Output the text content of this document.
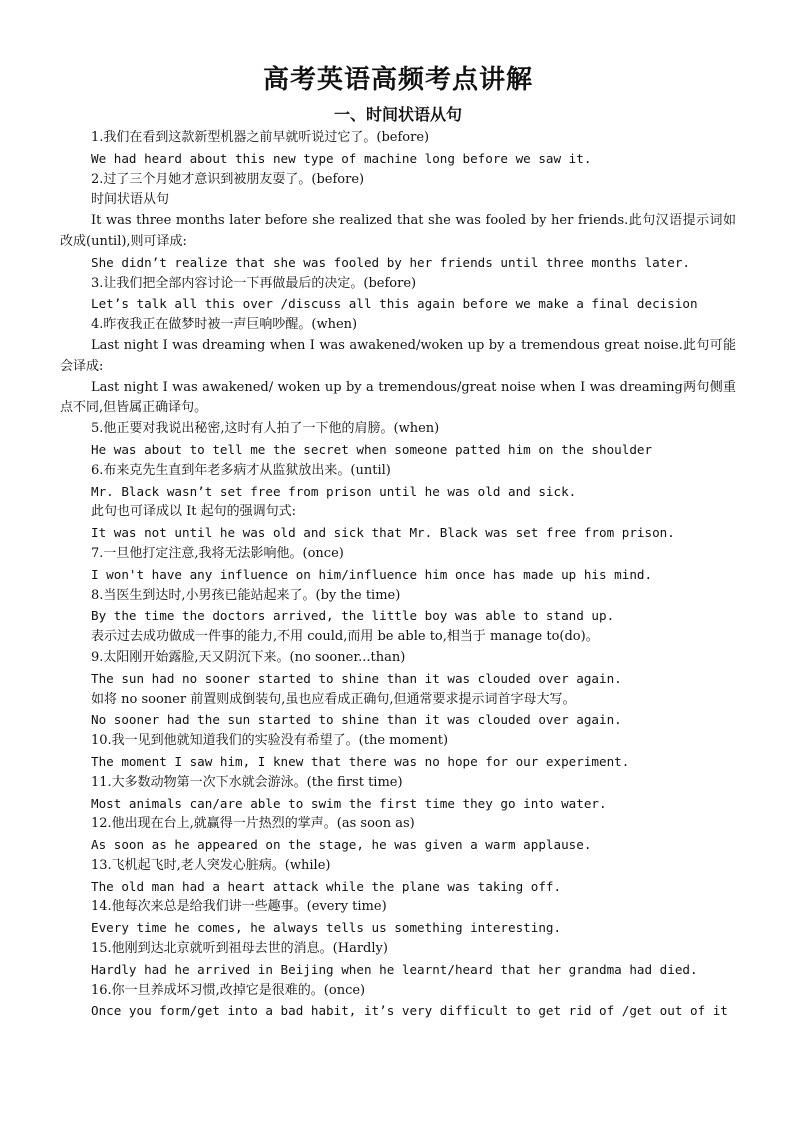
高考英语高频考点讲解
一、时间状语从句

1.我们在看到这款新型机器之前早就听说过它了。(before)

We had heard about this new type of machine long before we saw it.

2.过了三个月她才意识到被朋友耍了。(before)

时间状语从句

It was three months later before she realized that she was fooled by her friends.此句汉语提示词如改成(until),则可译成:

She didn’t realize that she was fooled by her friends until three months later.

3.让我们把全部内容讨论一下再做最后的决定。(before)

Let’s talk all this over /discuss all this again before we make a final decision

4.昨夜我正在做梦时被一声巨响吵醒。(when)

Last night I was dreaming when I was awakened/woken up by a tremendous great noise.此句可能会译成:

Last night I was awakened/ woken up by a tremendous/great noise when I was dreaming两句侧重点不同,但皆属正确译句。

5.他正要对我说出秘密,这时有人拍了一下他的肩膀。(when)

He was about to tell me the secret when someone patted him on the shoulder

6.布来克先生直到年老多病才从监狱放出来。(until)

Mr. Black wasn’t set free from prison until he was old and sick.

此句也可译成以 It 起句的强调句式:

It was not until he was old and sick that Mr. Black was set free from prison.

7.一旦他打定注意,我将无法影响他。(once)

I won't have any influence on him/influence him once has made up his mind.

8.当医生到达时,小男孩已能站起来了。(by the time)

By the time the doctors arrived, the little boy was able to stand up.

表示过去成功做成一件事的能力,不用 could,而用 be able to,相当于 manage to(do)。

9.太阳刚开始露脸,天又阴沉下来。(no sooner...than)

The sun had no sooner started to shine than it was clouded over again.

如将 no sooner 前置则成倒装句,虽也应看成正确句,但通常要求提示词首字母大写。

No sooner had the sun started to shine than it was clouded over again.

10.我一见到他就知道我们的实验没有希望了。(the moment)

The moment I saw him, I knew that there was no hope for our experiment.

11.大多数动物第一次下水就会游泳。(the first time)

Most animals can/are able to swim the first time they go into water.

12.他出现在台上,就赢得一片热烈的掌声。(as soon as)

As soon as he appeared on the stage, he was given a warm applause.

13.飞机起飞时,老人突发心脏病。(while)

The old man had a heart attack while the plane was taking off.

14.他每次来总是给我们讲一些趣事。(every time)

Every time he comes, he always tells us something interesting.

15.他刚到达北京就听到祖母去世的消息。(Hardly)

Hardly had he arrived in Beijing when he learnt/heard that her grandma had died.

16.你一旦养成坏习惯,改掉它是很难的。(once)

Once you form/get into a bad habit, it’s very difficult to get rid of /get out of it
